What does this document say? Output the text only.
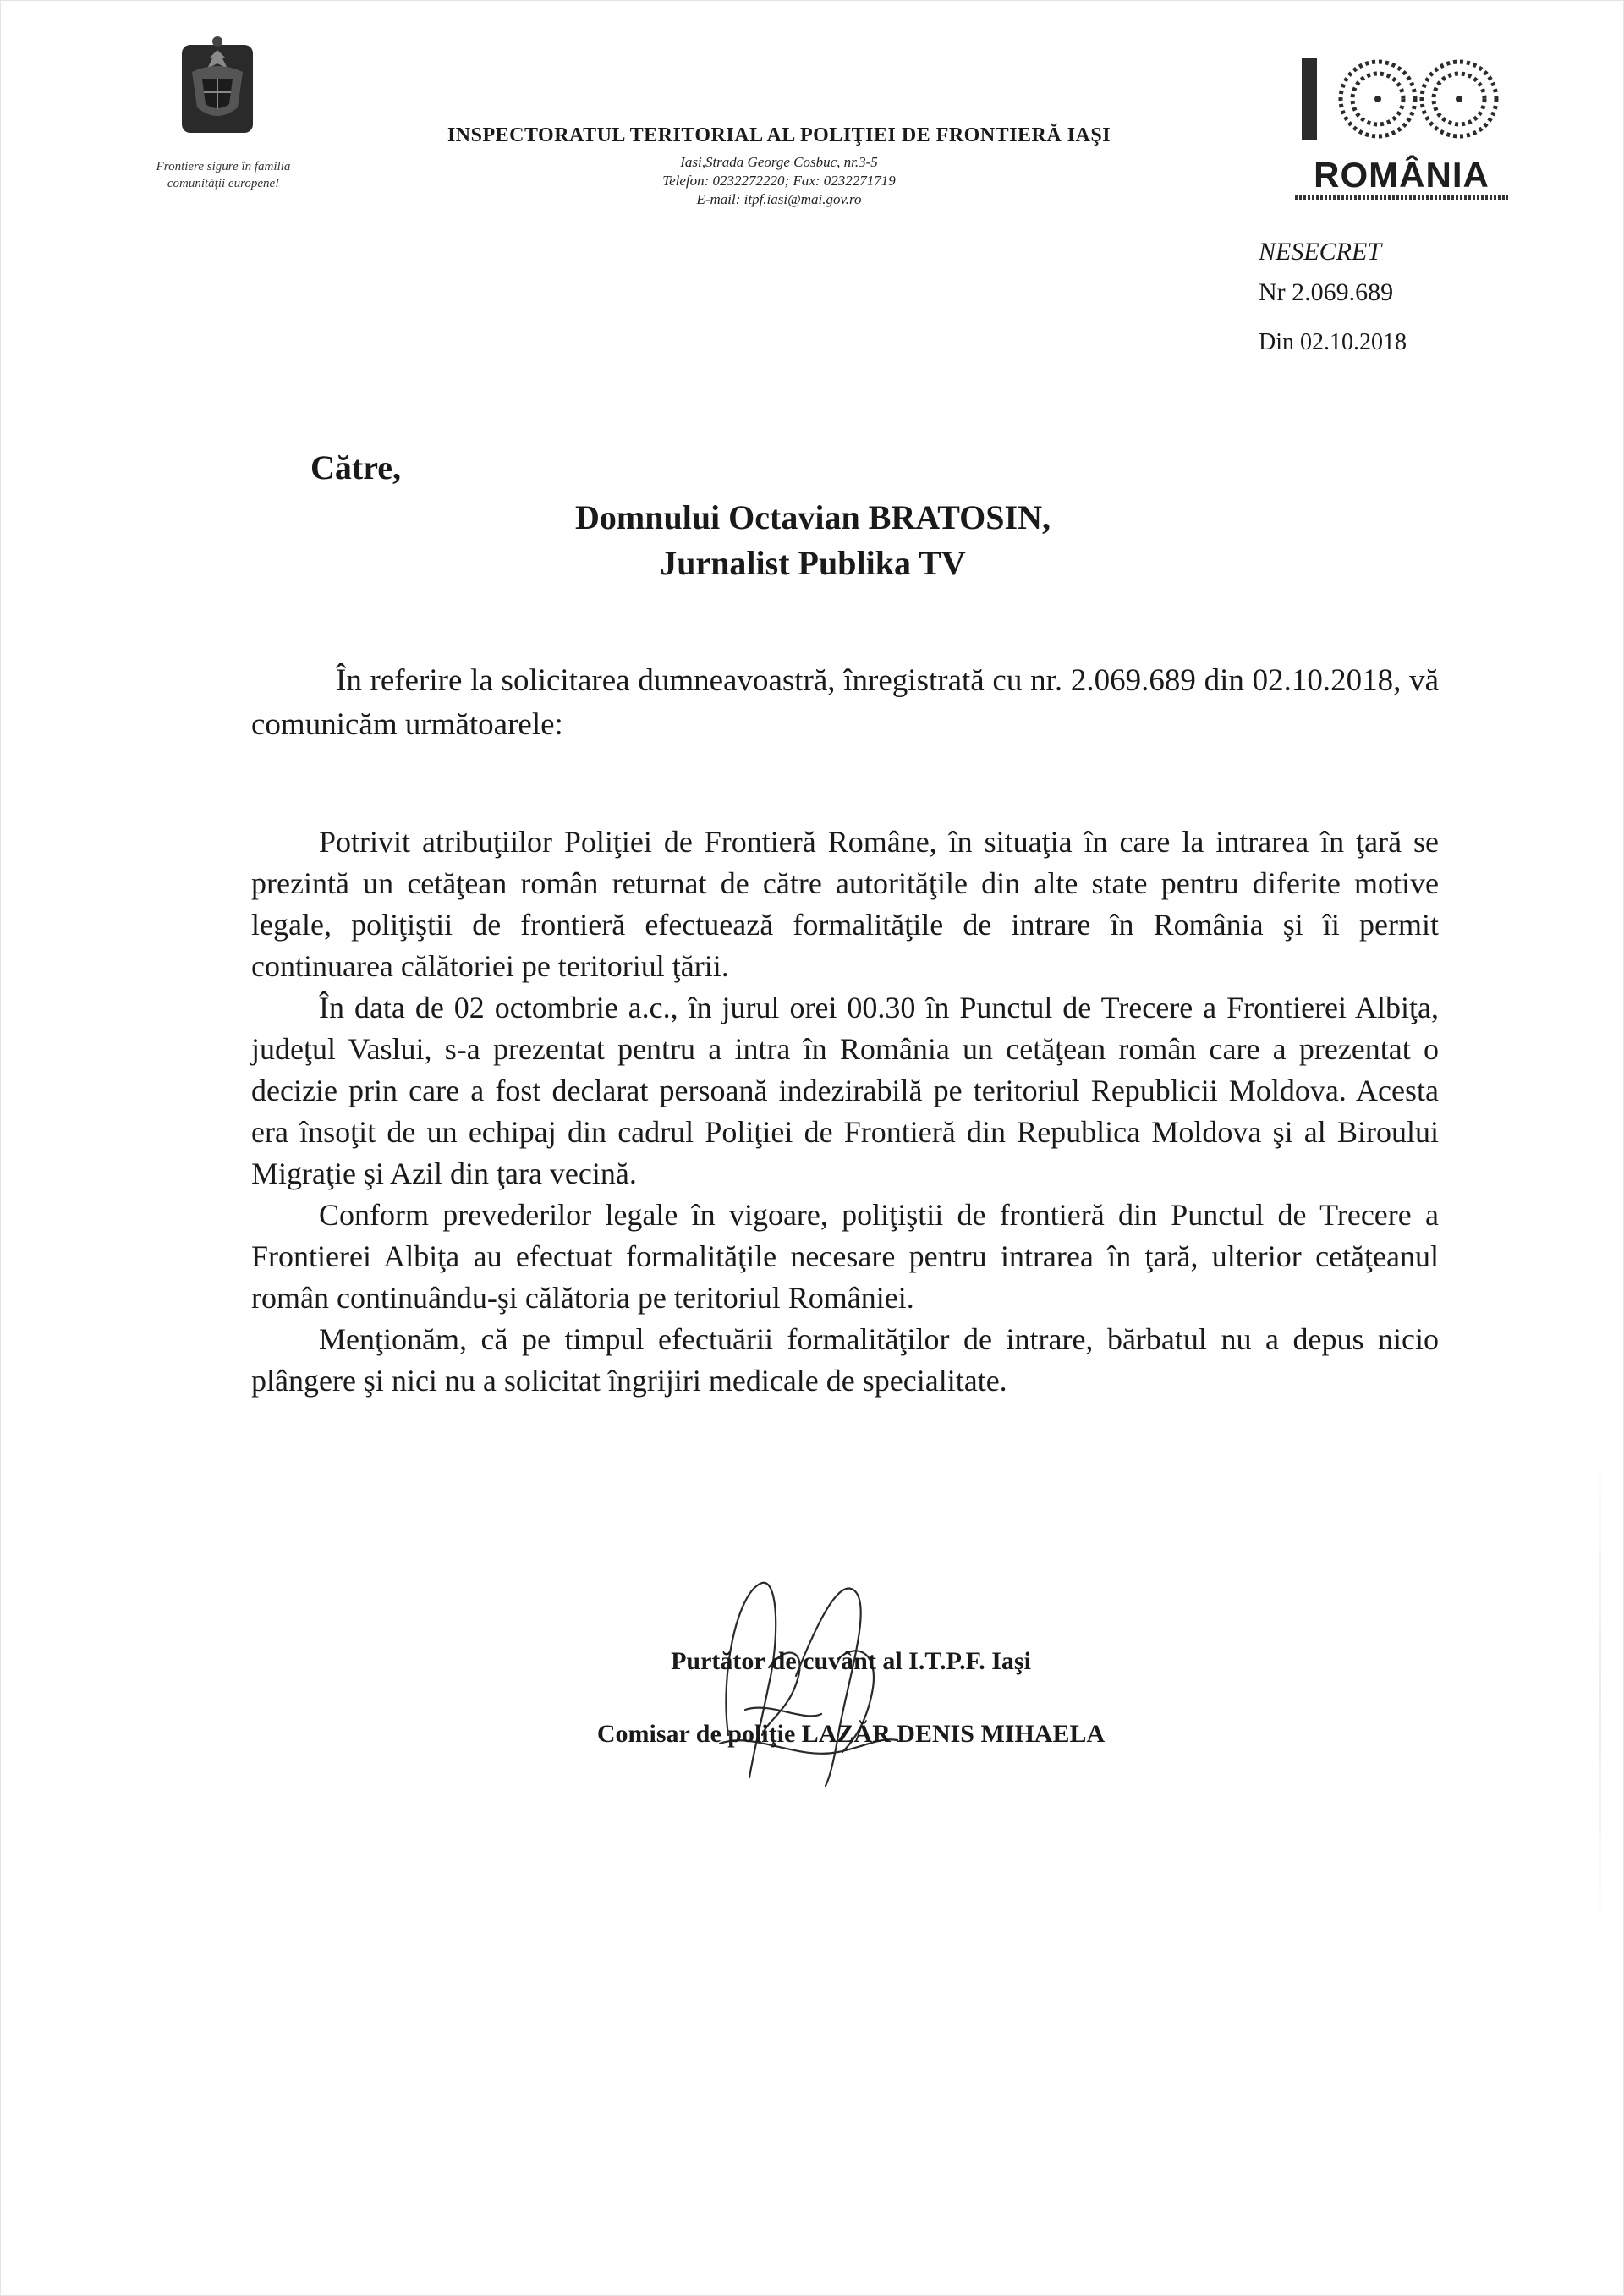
Frontiere sigure în familia comunității europene!
INSPECTORATUL TERITORIAL AL POLIŢIEI DE FRONTIERĂ IAŞI
Iasi,Strada George Cosbuc, nr.3-5
Telefon: 0232272220; Fax: 0232271719
E-mail: itpf.iasi@mai.gov.ro
ROMÂNIA
NESECRET
Nr 2.069.689
Din 02.10.2018
Către,
Domnului Octavian BRATOSIN,
Jurnalist Publika TV
În referire la solicitarea dumneavoastră, înregistrată cu nr. 2.069.689 din 02.10.2018, vă comunicăm următoarele:

Potrivit atribuţiilor Poliţiei de Frontieră Române, în situaţia în care la intrarea în ţară se prezintă un cetăţean român returnat de către autorităţile din alte state pentru diferite motive legale, poliţiştii de frontieră efectuează formalităţile de intrare în România şi îi permit continuarea călătoriei pe teritoriul ţării.

În data de 02 octombrie a.c., în jurul orei 00.30 în Punctul de Trecere a Frontierei Albiţa, judeţul Vaslui, s-a prezentat pentru a intra în România un cetăţean român care a prezentat o decizie prin care a fost declarat persoană indezirabilă pe teritoriul Republicii Moldova. Acesta era însoţit de un echipaj din cadrul Poliţiei de Frontieră din Republica Moldova şi al Biroului Migraţie şi Azil din ţara vecină.

Conform prevederilor legale în vigoare, poliţiştii de frontieră din Punctul de Trecere a Frontierei Albiţa au efectuat formalităţile necesare pentru intrarea în ţară, ulterior cetăţeanul român continuându-şi călătoria pe teritoriul României.

Menţionăm, că pe timpul efectuării formalităţilor de intrare, bărbatul nu a depus nicio plângere şi nici nu a solicitat îngrijiri medicale de specialitate.

Purtător de cuvânt al I.T.P.F. Iaşi
Comisar de poliţie LAZĂR DENIS MIHAELA
